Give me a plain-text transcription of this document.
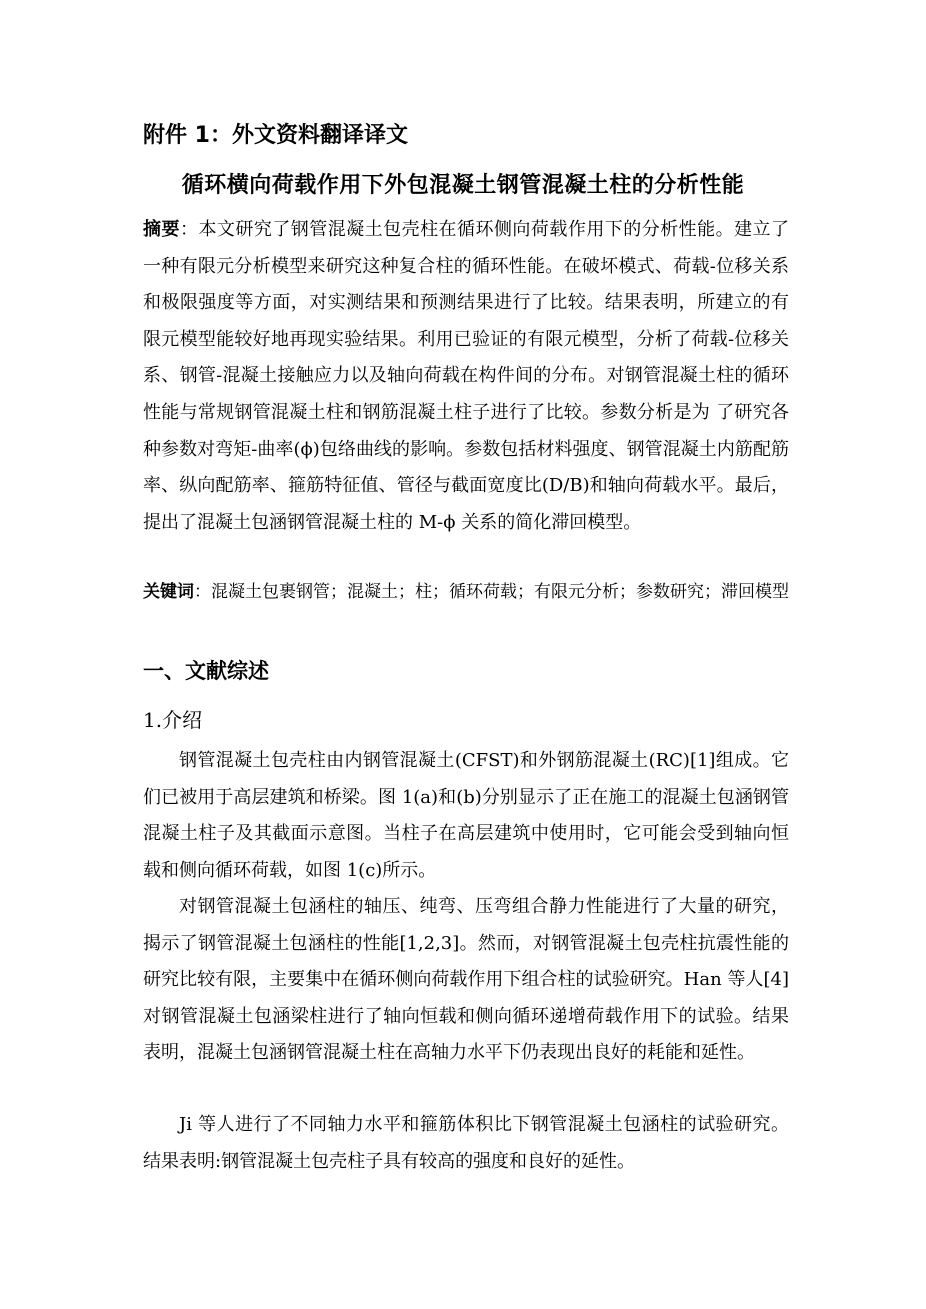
附件 1：外文资料翻译译文
循环横向荷载作用下外包混凝土钢管混凝土柱的分析性能
摘要：本文研究了钢管混凝土包壳柱在循环侧向荷载作用下的分析性能。建立了一种有限元分析模型来研究这种复合柱的循环性能。在破坏模式、荷载-位移关系和极限强度等方面，对实测结果和预测结果进行了比较。结果表明，所建立的有限元模型能较好地再现实验结果。利用已验证的有限元模型，分析了荷载-位移关系、钢管-混凝土接触应力以及轴向荷载在构件间的分布。对钢管混凝土柱的循环性能与常规钢管混凝土柱和钢筋混凝土柱子进行了比较。参数分析是为 了研究各种参数对弯矩-曲率(ϕ)包络曲线的影响。参数包括材料强度、钢管混凝土内筋配筋率、纵向配筋率、箍筋特征值、管径与截面宽度比(D/B)和轴向荷载水平。最后，提出了混凝土包涵钢管混凝土柱的 M-ϕ 关系的简化滞回模型。
关键词：混凝土包裹钢管；混凝土；柱；循环荷载；有限元分析；参数研究；滞回模型
一、文献综述
1.介绍

钢管混凝土包壳柱由内钢管混凝土(CFST)和外钢筋混凝土(RC)[1]组成。它们已被用于高层建筑和桥梁。图 1(a)和(b)分别显示了正在施工的混凝土包涵钢管混凝土柱子及其截面示意图。当柱子在高层建筑中使用时，它可能会受到轴向恒载和侧向循环荷载，如图 1(c)所示。

对钢管混凝土包涵柱的轴压、纯弯、压弯组合静力性能进行了大量的研究，揭示了钢管混凝土包涵柱的性能[1,2,3]。然而，对钢管混凝土包壳柱抗震性能的研究比较有限，主要集中在循环侧向荷载作用下组合柱的试验研究。Han 等人[4]对钢管混凝土包涵梁柱进行了轴向恒载和侧向循环递增荷载作用下的试验。结果表明，混凝土包涵钢管混凝土柱在高轴力水平下仍表现出良好的耗能和延性。

Ji 等人进行了不同轴力水平和箍筋体积比下钢管混凝土包涵柱的试验研究。结果表明:钢管混凝土包壳柱子具有较高的强度和良好的延性。
